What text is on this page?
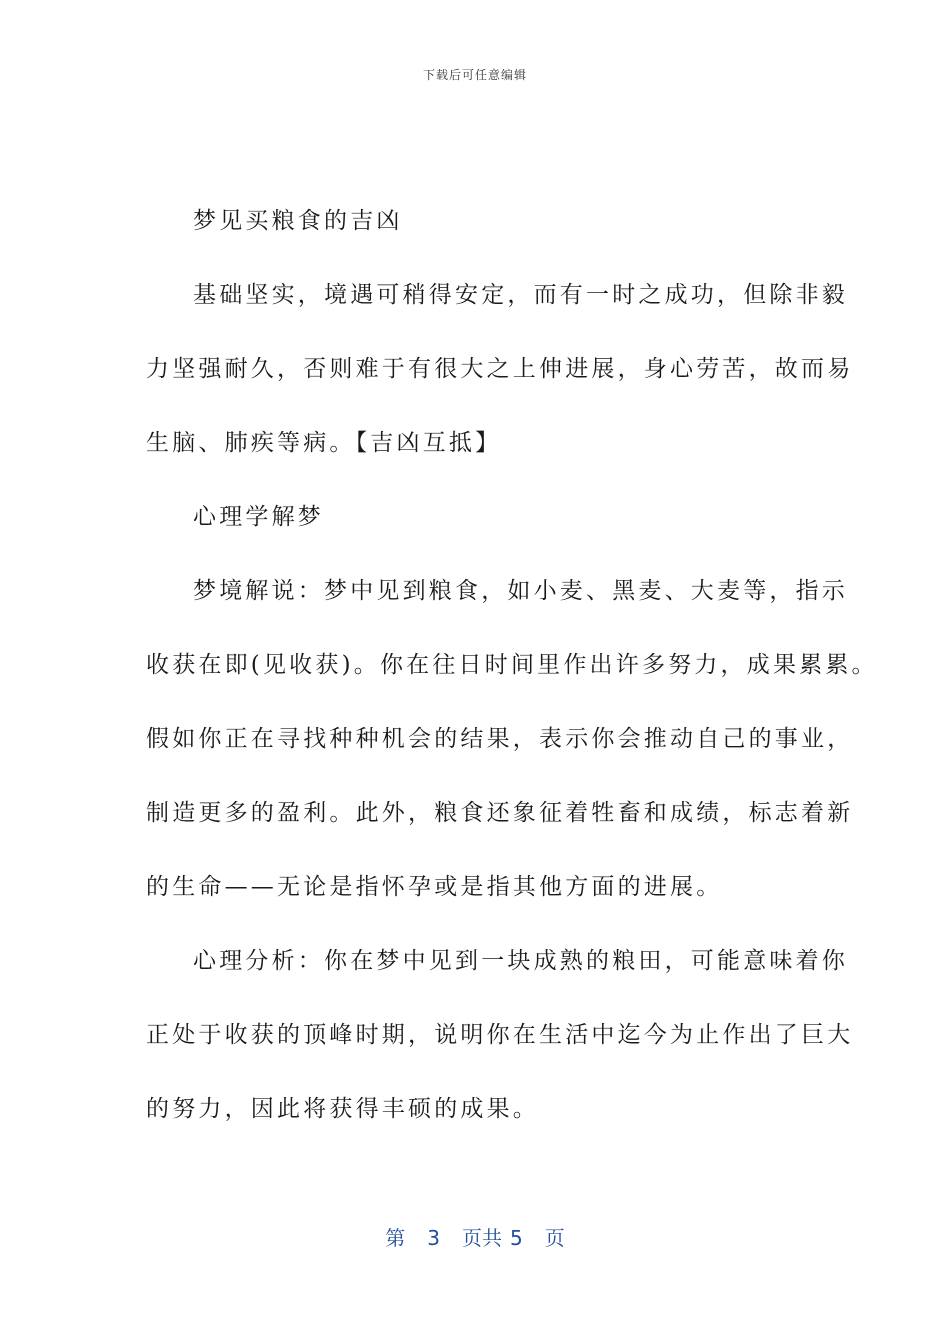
下载后可任意编辑
梦见买粮食的吉凶
基础坚实，境遇可稍得安定，而有一时之成功，但除非毅
力坚强耐久，否则难于有很大之上伸进展，身心劳苦，故而易
生脑、肺疾等病。【吉凶互抵】
心理学解梦
梦境解说：梦中见到粮食，如小麦、黑麦、大麦等，指示
收获在即(见收获)。你在往日时间里作出许多努力，成果累累。
假如你正在寻找种种机会的结果，表示你会推动自己的事业，
制造更多的盈利。此外，粮食还象征着牲畜和成绩，标志着新
的生命——无论是指怀孕或是指其他方面的进展。
心理分析：你在梦中见到一块成熟的粮田，可能意味着你
正处于收获的顶峰时期，说明你在生活中迄今为止作出了巨大
的努力，因此将获得丰硕的成果。
第 3 页共 5 页
